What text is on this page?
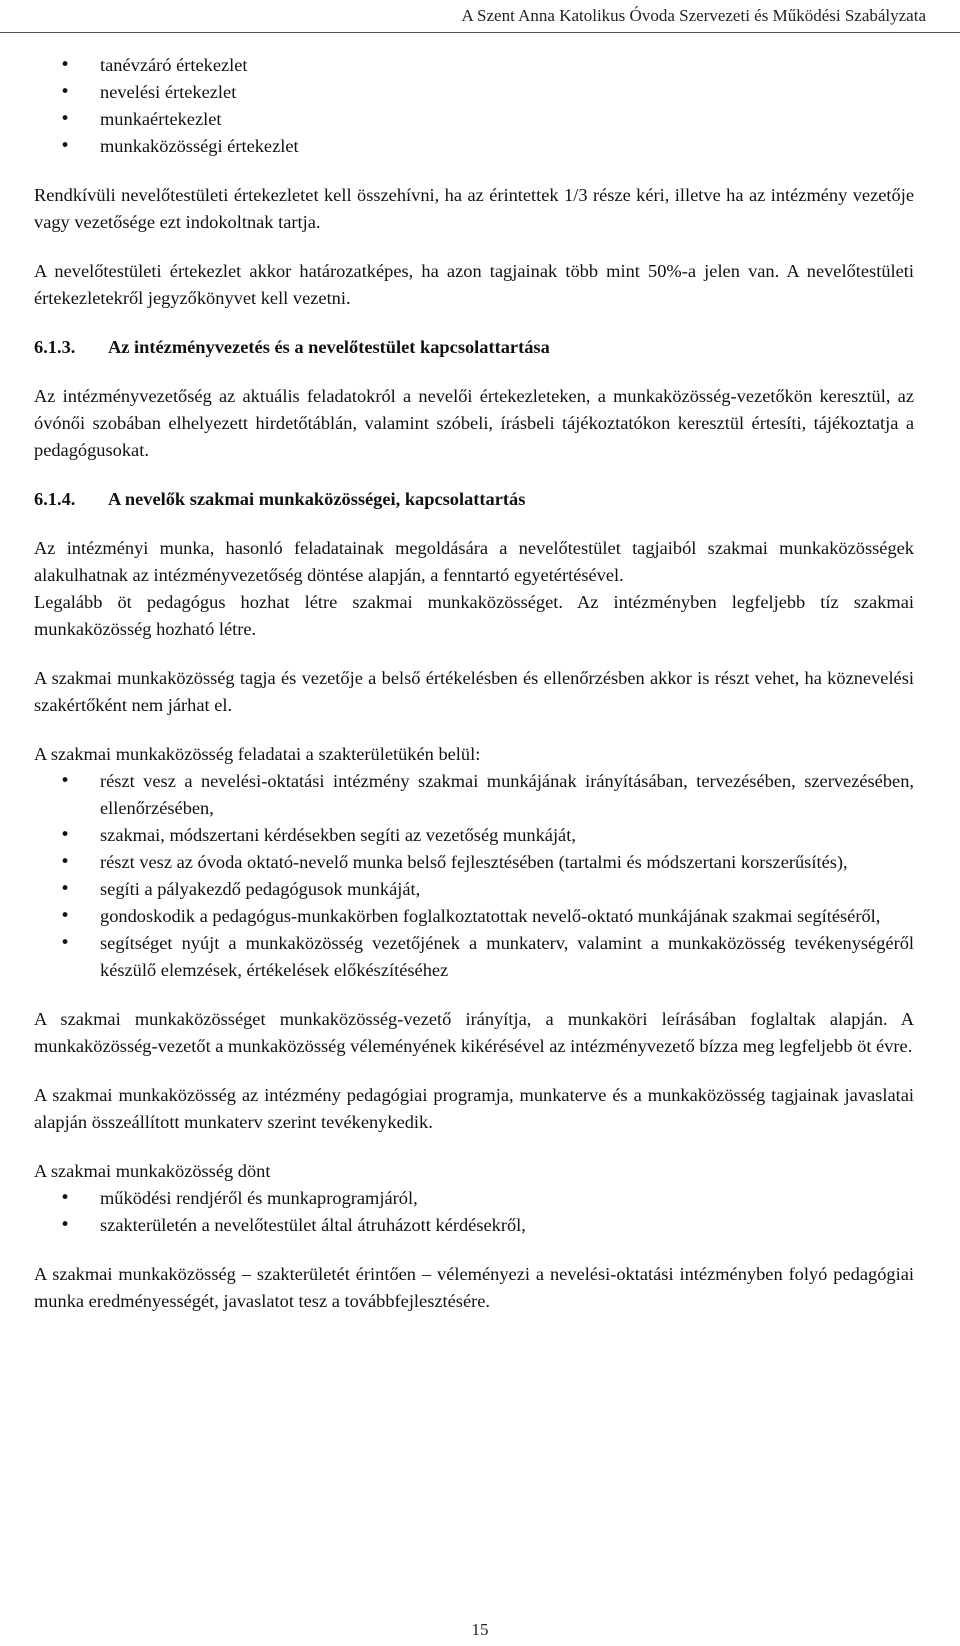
A Szent Anna Katolikus Óvoda Szervezeti és Működési Szabályzata
• tanévzáró értekezlet
• nevelési értekezlet
• munkaértekezlet
• munkaközösségi értekezlet

Rendkívüli nevelőtestületi értekezletet kell összehívni, ha az érintettek 1/3 része kéri, illetve ha az intézmény vezetője vagy vezetősége ezt indokoltnak tartja.

A nevelőtestületi értekezlet akkor határozatképes, ha azon tagjainak több mint 50%-a jelen van. A nevelőtestületi értekezletekről jegyzőkönyvet kell vezetni.

6.1.3. Az intézményvezetés és a nevelőtestület kapcsolattartása

Az intézményvezetőség az aktuális feladatokról a nevelői értekezleteken, a munkaközösség-vezetőkön keresztül, az óvónői szobában elhelyezett hirdetőtáblán, valamint szóbeli, írásbeli tájékoztatókon keresztül értesíti, tájékoztatja a pedagógusokat.

6.1.4. A nevelők szakmai munkaközösségei, kapcsolattartás

Az intézményi munka, hasonló feladatainak megoldására a nevelőtestület tagjaiból szakmai munkaközösségek alakulhatnak az intézményvezetőség döntése alapján, a fenntartó egyetértésével.

Legalább öt pedagógus hozhat létre szakmai munkaközösséget. Az intézményben legfeljebb tíz szakmai munkaközösség hozható létre.

A szakmai munkaközösség tagja és vezetője a belső értékelésben és ellenőrzésben akkor is részt vehet, ha köznevelési szakértőként nem járhat el.

A szakmai munkaközösség feladatai a szakterületükén belül:

• részt vesz a nevelési-oktatási intézmény szakmai munkájának irányításában, tervezésében, szervezésében, ellenőrzésében,
• szakmai, módszertani kérdésekben segíti az vezetőség munkáját,
• részt vesz az óvoda oktató-nevelő munka belső fejlesztésében (tartalmi és módszertani korszerűsítés),
• segíti a pályakezdő pedagógusok munkáját,
• gondoskodik a pedagógus-munkakörben foglalkoztatottak nevelő-oktató munkájának szakmai segítéséről,
• segítséget nyújt a munkaközösség vezetőjének a munkaterv, valamint a munkaközösség tevékenységéről készülő elemzések, értékelések előkészítéséhez

A szakmai munkaközösséget munkaközösség-vezető irányítja, a munkaköri leírásában foglaltak alapján. A munkaközösség-vezetőt a munkaközösség véleményének kikérésével az intézményvezető bízza meg legfeljebb öt évre.

A szakmai munkaközösség az intézmény pedagógiai programja, munkaterve és a munkaközösség tagjainak javaslatai alapján összeállított munkaterv szerint tevékenykedik.

A szakmai munkaközösség dönt

• működési rendjéről és munkaprogramjáról,
• szakterületén a nevelőtestület által átruházott kérdésekről,

A szakmai munkaközösség – szakterületét érintően – véleményezi a nevelési-oktatási intézményben folyó pedagógiai munka eredményességét, javaslatot tesz a továbbfejlesztésére.

15
